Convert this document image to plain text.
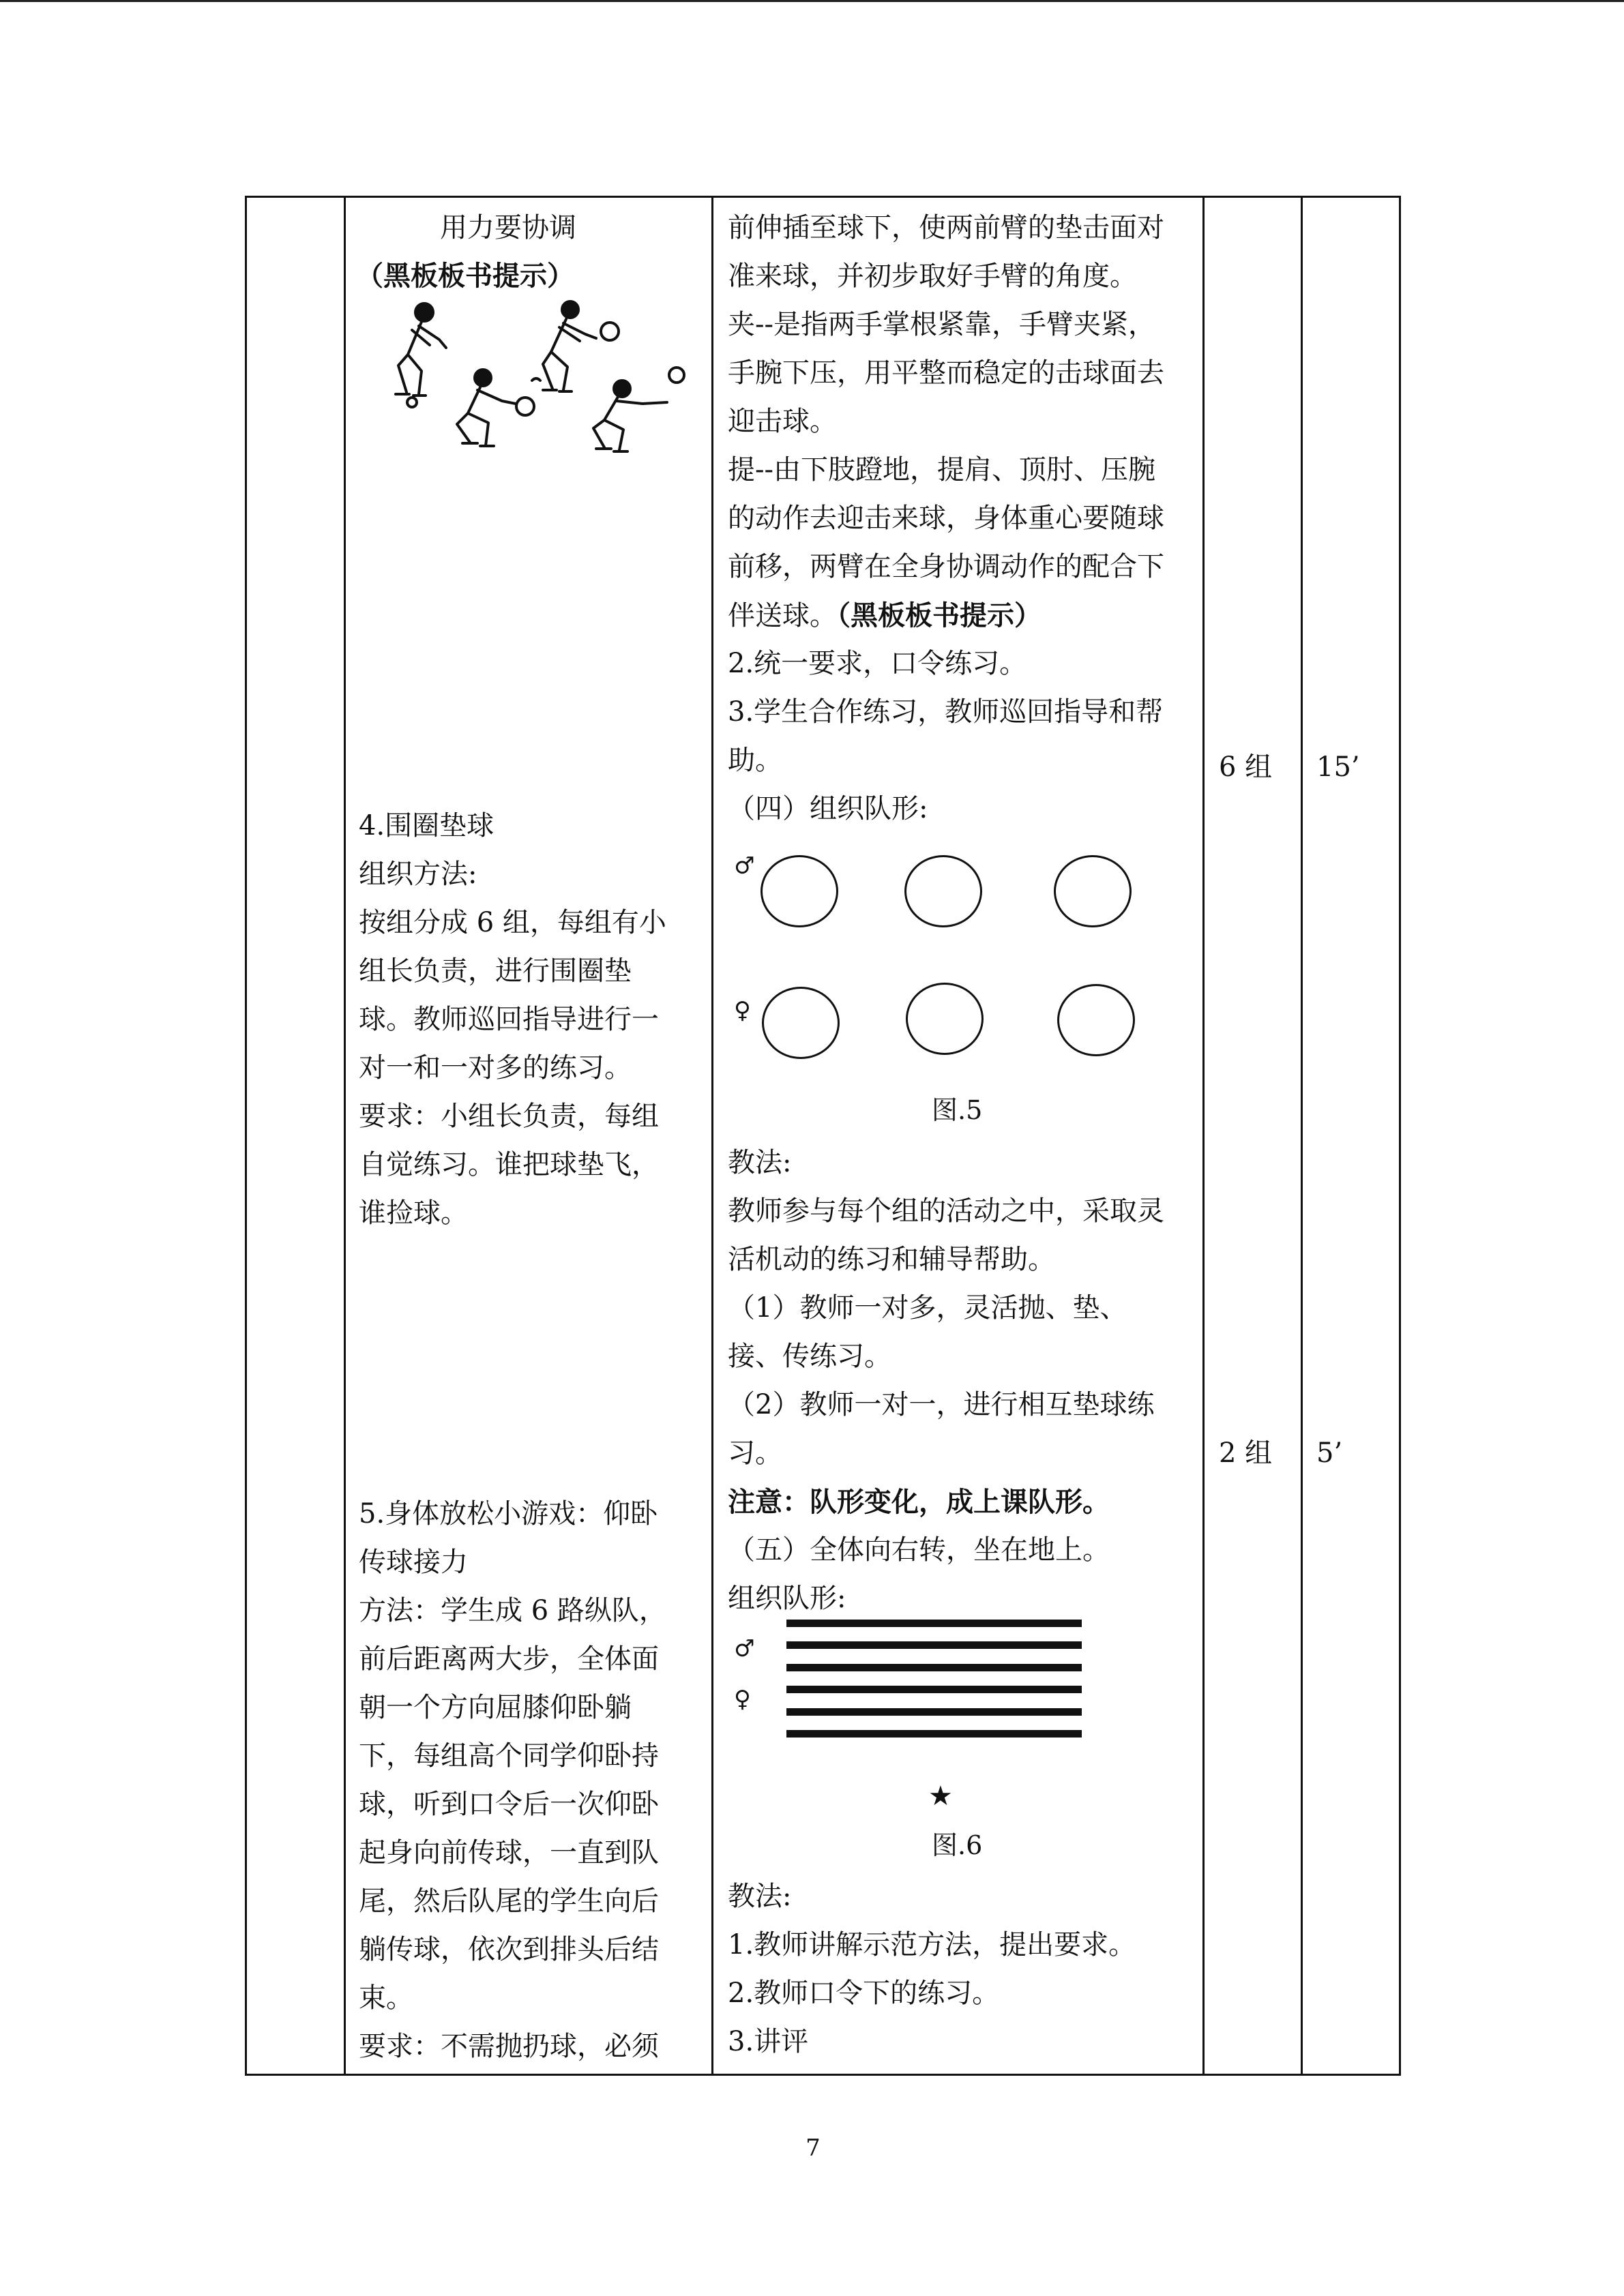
用力要协调
（黑板板书提示）
4.围圈垫球
组织方法:
按组分成 6 组，每组有小
组长负责，进行围圈垫
球。教师巡回指导进行一
对一和一对多的练习。
要求：小组长负责，每组
自觉练习。谁把球垫飞，
谁捡球。
5.身体放松小游戏：仰卧
传球接力
方法：学生成 6 路纵队，
前后距离两大步，全体面
朝一个方向屈膝仰卧躺
下，每组高个同学仰卧持
球，听到口令后一次仰卧
起身向前传球，一直到队
尾，然后队尾的学生向后
躺传球，依次到排头后结
束。
要求：不需抛扔球，必须
前伸插至球下，使两前臂的垫击面对
准来球，并初步取好手臂的角度。
夹--是指两手掌根紧靠，手臂夹紧，
手腕下压，用平整而稳定的击球面去
迎击球。
提--由下肢蹬地，提肩、顶肘、压腕
的动作去迎击来球，身体重心要随球
前移，两臂在全身协调动作的配合下
伴送球。（黑板板书提示）
2.统一要求，口令练习。
3.学生合作练习，教师巡回指导和帮
助。
（四）组织队形:
♂
♀
图.5
教法:
教师参与每个组的活动之中，采取灵
活机动的练习和辅导帮助。
（1）教师一对多，灵活抛、垫、
接、传练习。
（2）教师一对一，进行相互垫球练
习。
注意：队形变化，成上课队形。
（五）全体向右转，坐在地上。
组织队形:
♂
♀
★
图.6
教法:
1.教师讲解示范方法，提出要求。
2.教师口令下的练习。
3.讲评
6 组
2 组
15’
5’
7
